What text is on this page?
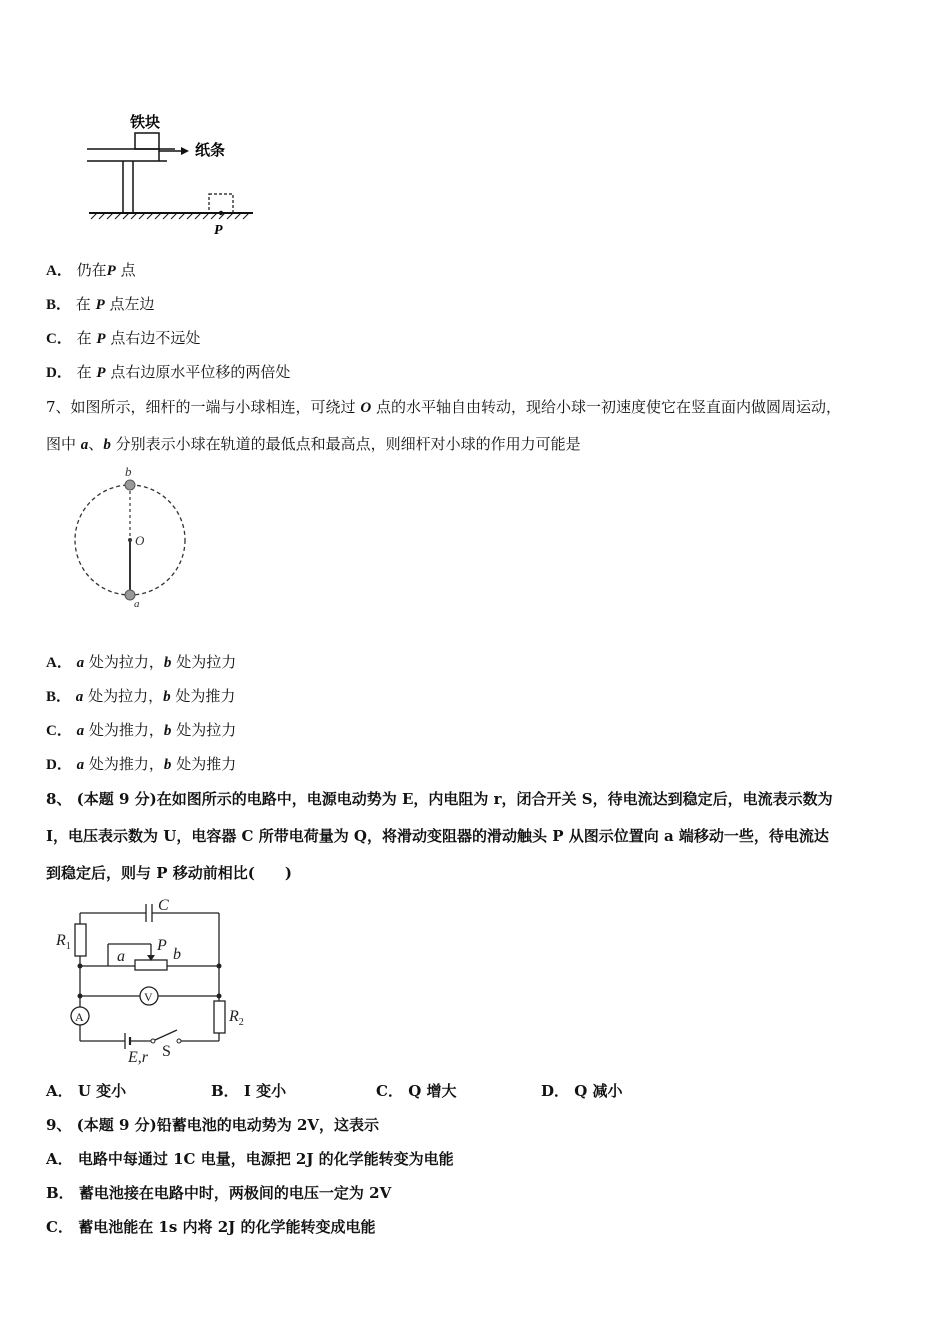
铁块
纸条
P
A． 仍在P 点
B． 在 P 点左边
C． 在 P 点右边不远处
D． 在 P 点右边原水平位移的两倍处
7、如图所示，细杆的一端与小球相连，可绕过 O 点的水平轴自由转动，现给小球一初速度使它在竖直面内做圆周运动，
图中 a、b 分别表示小球在轨道的最低点和最高点，则细杆对小球的作用力可能是
b
O
a
A． a 处为拉力，b 处为拉力
B． a 处为拉力，b 处为推力
C． a 处为推力，b 处为拉力
D． a 处为推力，b 处为推力
8、 (本题 9 分)在如图所示的电路中，电源电动势为 E，内电阻为 r，闭合开关 S，待电流达到稳定后，电流表示数为
I，电压表示数为 U，电容器 C 所带电荷量为 Q，将滑动变阻器的滑动触头 P 从图示位置向 a 端移动一些，待电流达
到稳定后，则与 P 移动前相比(　　)
C
$R_1$
a
P
b
$R_2$
E,r S
V
A
A． U 变小	B． I 变小	C． Q 增大	D． Q 减小
9、 (本题 9 分)铅蓄电池的电动势为 2V，这表示
A． 电路中每通过 1C 电量，电源把 2J 的化学能转变为电能
B． 蓄电池接在电路中时，两极间的电压一定为 2V
C． 蓄电池能在 1s 内将 2J 的化学能转变成电能
